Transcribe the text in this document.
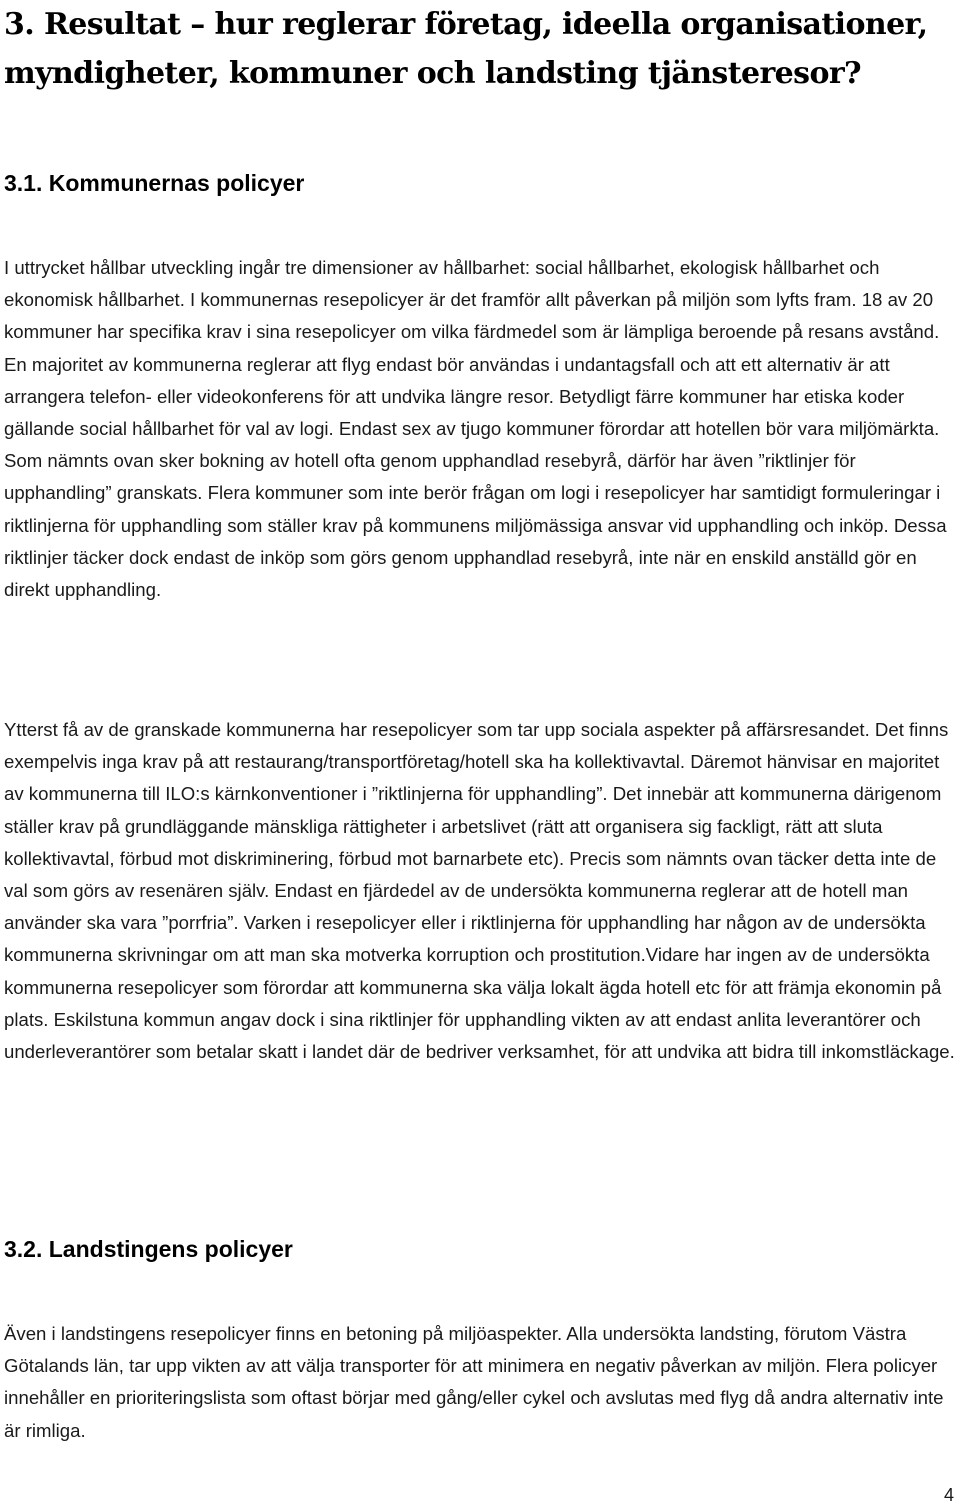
3. Resultat – hur reglerar företag, ideella organisationer, myndigheter, kommuner och landsting tjänsteresor?
3.1. Kommunernas policyer

I uttrycket hållbar utveckling ingår tre dimensioner av hållbarhet: social hållbarhet, ekologisk hållbarhet och ekonomisk hållbarhet. I kommunernas resepolicyer är det framför allt påverkan på miljön som lyfts fram. 18 av 20 kommuner har specifika krav i sina resepolicyer om vilka färdmedel som är lämpliga beroende på resans avstånd. En majoritet av kommunerna reglerar att flyg endast bör användas i undantagsfall och att ett alternativ är att arrangera telefon- eller videokonferens för att undvika längre resor. Betydligt färre kommuner har etiska koder gällande social hållbarhet för val av logi. Endast sex av tjugo kommuner förordar att hotellen bör vara miljömärkta. Som nämnts ovan sker bokning av hotell ofta genom upphandlad resebyrå, därför har även ”riktlinjer för upphandling” granskats. Flera kommuner som inte berör frågan om logi i resepolicyer har samtidigt formuleringar i riktlinjerna för upphandling som ställer krav på kommunens miljömässiga ansvar vid upphandling och inköp. Dessa riktlinjer täcker dock endast de inköp som görs genom upphandlad resebyrå, inte när en enskild anställd gör en direkt upphandling.

Ytterst få av de granskade kommunerna har resepolicyer som tar upp sociala aspekter på affärsresandet. Det finns exempelvis inga krav på att restaurang/transportföretag/hotell ska ha kollektivavtal. Däremot hänvisar en majoritet av kommunerna till ILO:s kärnkonventioner i ”riktlinjerna för upphandling”. Det innebär att kommunerna därigenom ställer krav på grundläggande mänskliga rättigheter i arbetslivet (rätt att organisera sig fackligt, rätt att sluta kollektivavtal, förbud mot diskriminering, förbud mot barnarbete etc). Precis som nämnts ovan täcker detta inte de val som görs av resenären själv. Endast en fjärdedel av de undersökta kommunerna reglerar att de hotell man använder ska vara ”porrfria”. Varken i resepolicyer eller i riktlinjerna för upphandling har någon av de undersökta kommunerna skrivningar om att man ska motverka korruption och prostitution.Vidare har ingen av de undersökta kommunerna resepolicyer som förordar att kommunerna ska välja lokalt ägda hotell etc för att främja ekonomin på plats. Eskilstuna kommun angav dock i sina riktlinjer för upphandling vikten av att endast anlita leverantörer och underleverantörer som betalar skatt i landet där de bedriver verksamhet, för att undvika att bidra till inkomstläckage.

3.2. Landstingens policyer

Även i landstingens resepolicyer finns en betoning på miljöaspekter. Alla undersökta landsting, förutom Västra Götalands län, tar upp vikten av att välja transporter för att minimera en negativ påverkan av miljön. Flera policyer innehåller en prioriteringslista som oftast börjar med gång/eller cykel och avslutas med flyg då andra alternativ inte är rimliga.

4
